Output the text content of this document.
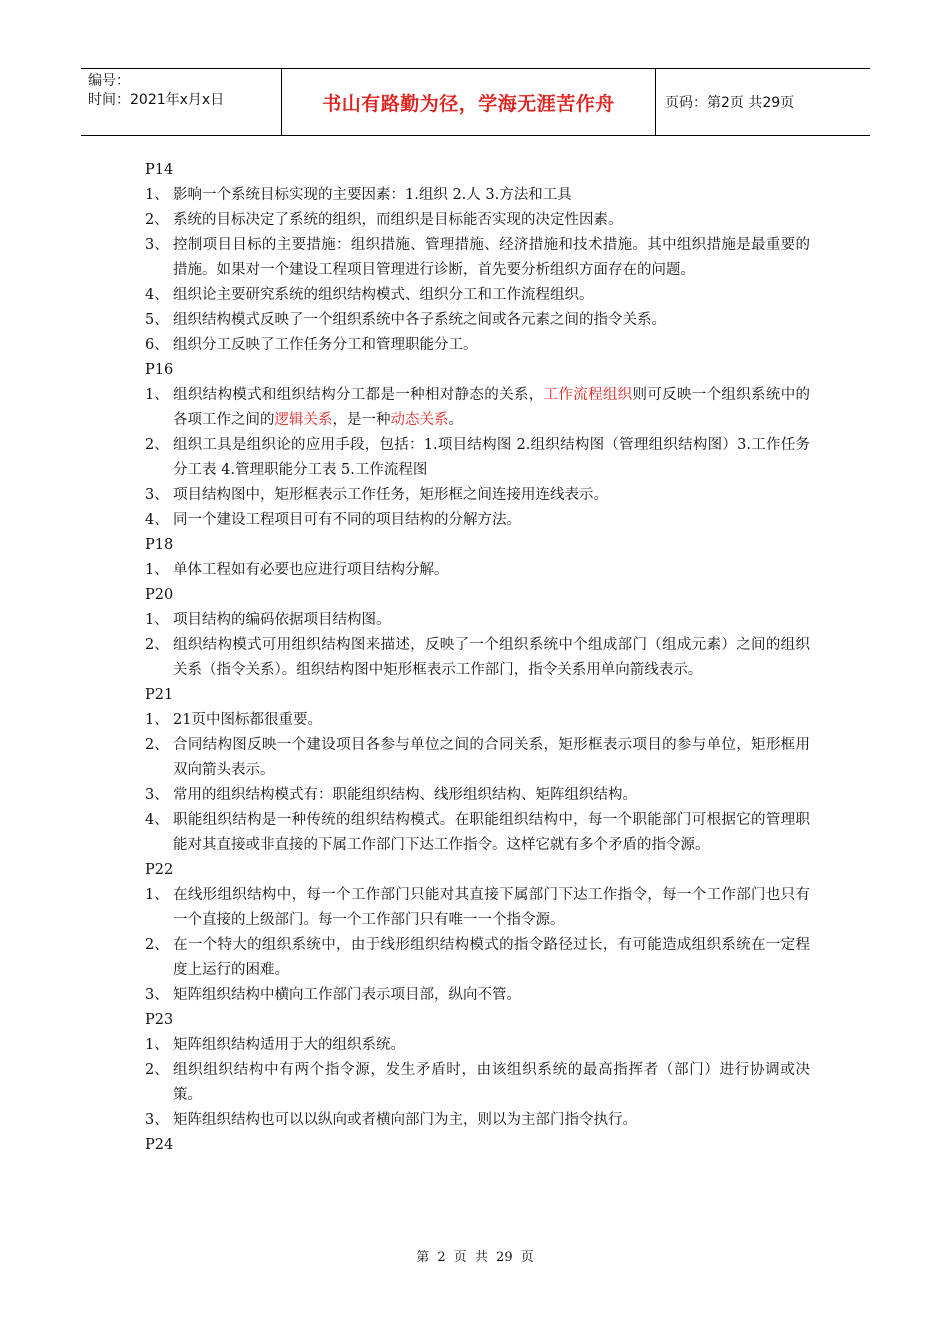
编号：
时间：2021年x月x日	书山有路勤为径，学海无涯苦作舟	页码：第2页 共29页
P14
1、 影响一个系统目标实现的主要因素：1.组织 2.人 3.方法和工具
2、 系统的目标决定了系统的组织，而组织是目标能否实现的决定性因素。
3、 控制项目目标的主要措施：组织措施、管理措施、经济措施和技术措施。其中组织措施是最重要的措施。如果对一个建设工程项目管理进行诊断，首先要分析组织方面存在的问题。
4、 组织论主要研究系统的组织结构模式、组织分工和工作流程组织。
5、 组织结构模式反映了一个组织系统中各子系统之间或各元素之间的指令关系。
6、 组织分工反映了工作任务分工和管理职能分工。
P16
1、 组织结构模式和组织结构分工都是一种相对静态的关系，工作流程组织则可反映一个组织系统中的各项工作之间的逻辑关系，是一种动态关系。
2、 组织工具是组织论的应用手段，包括：1.项目结构图 2.组织结构图（管理组织结构图）3.工作任务分工表 4.管理职能分工表 5.工作流程图
3、 项目结构图中，矩形框表示工作任务，矩形框之间连接用连线表示。
4、 同一个建设工程项目可有不同的项目结构的分解方法。
P18
1、 单体工程如有必要也应进行项目结构分解。
P20
1、 项目结构的编码依据项目结构图。
2、 组织结构模式可用组织结构图来描述，反映了一个组织系统中个组成部门（组成元素）之间的组织关系（指令关系）。组织结构图中矩形框表示工作部门，指令关系用单向箭线表示。
P21
1、 21页中图标都很重要。
2、 合同结构图反映一个建设项目各参与单位之间的合同关系，矩形框表示项目的参与单位，矩形框用双向箭头表示。
3、 常用的组织结构模式有：职能组织结构、线形组织结构、矩阵组织结构。
4、 职能组织结构是一种传统的组织结构模式。在职能组织结构中，每一个职能部门可根据它的管理职能对其直接或非直接的下属工作部门下达工作指令。这样它就有多个矛盾的指令源。
P22
1、 在线形组织结构中，每一个工作部门只能对其直接下属部门下达工作指令，每一个工作部门也只有一个直接的上级部门。每一个工作部门只有唯一一个指令源。
2、 在一个特大的组织系统中，由于线形组织结构模式的指令路径过长，有可能造成组织系统在一定程度上运行的困难。
3、 矩阵组织结构中横向工作部门表示项目部，纵向不管。
P23
1、 矩阵组织结构适用于大的组织系统。
2、 组织组织结构中有两个指令源，发生矛盾时，由该组织系统的最高指挥者（部门）进行协调或决策。
3、 矩阵组织结构也可以以纵向或者横向部门为主，则以为主部门指令执行。
P24
第 2 页 共 29 页
